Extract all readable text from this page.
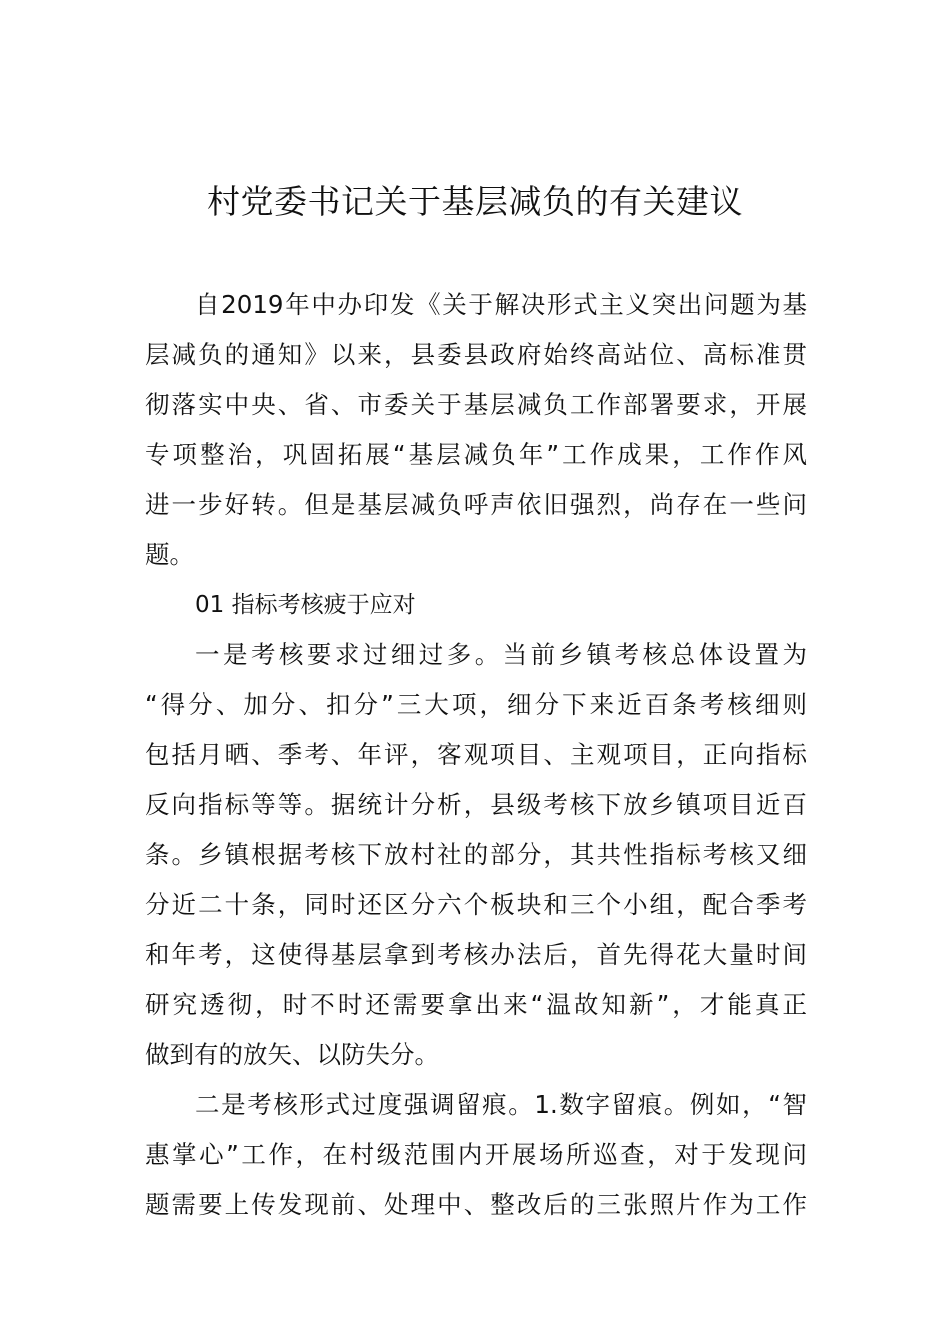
村党委书记关于基层减负的有关建议
自2019年中办印发《关于解决形式主义突出问题为基
层减负的通知》以来，县委县政府始终高站位、高标准贯
彻落实中央、省、市委关于基层减负工作部署要求，开展
专项整治，巩固拓展“基层减负年”工作成果，工作作风
进一步好转。但是基层减负呼声依旧强烈，尚存在一些问
题。
01 指标考核疲于应对
一是考核要求过细过多。当前乡镇考核总体设置为
“得分、加分、扣分”三大项，细分下来近百条考核细则
包括月晒、季考、年评，客观项目、主观项目，正向指标
反向指标等等。据统计分析，县级考核下放乡镇项目近百
条。乡镇根据考核下放村社的部分，其共性指标考核又细
分近二十条，同时还区分六个板块和三个小组，配合季考
和年考，这使得基层拿到考核办法后，首先得花大量时间
研究透彻，时不时还需要拿出来“温故知新”，才能真正
做到有的放矢、以防失分。
二是考核形式过度强调留痕。1.数字留痕。例如，“智
惠掌心”工作，在村级范围内开展场所巡查，对于发现问
题需要上传发现前、处理中、整改后的三张照片作为工作
